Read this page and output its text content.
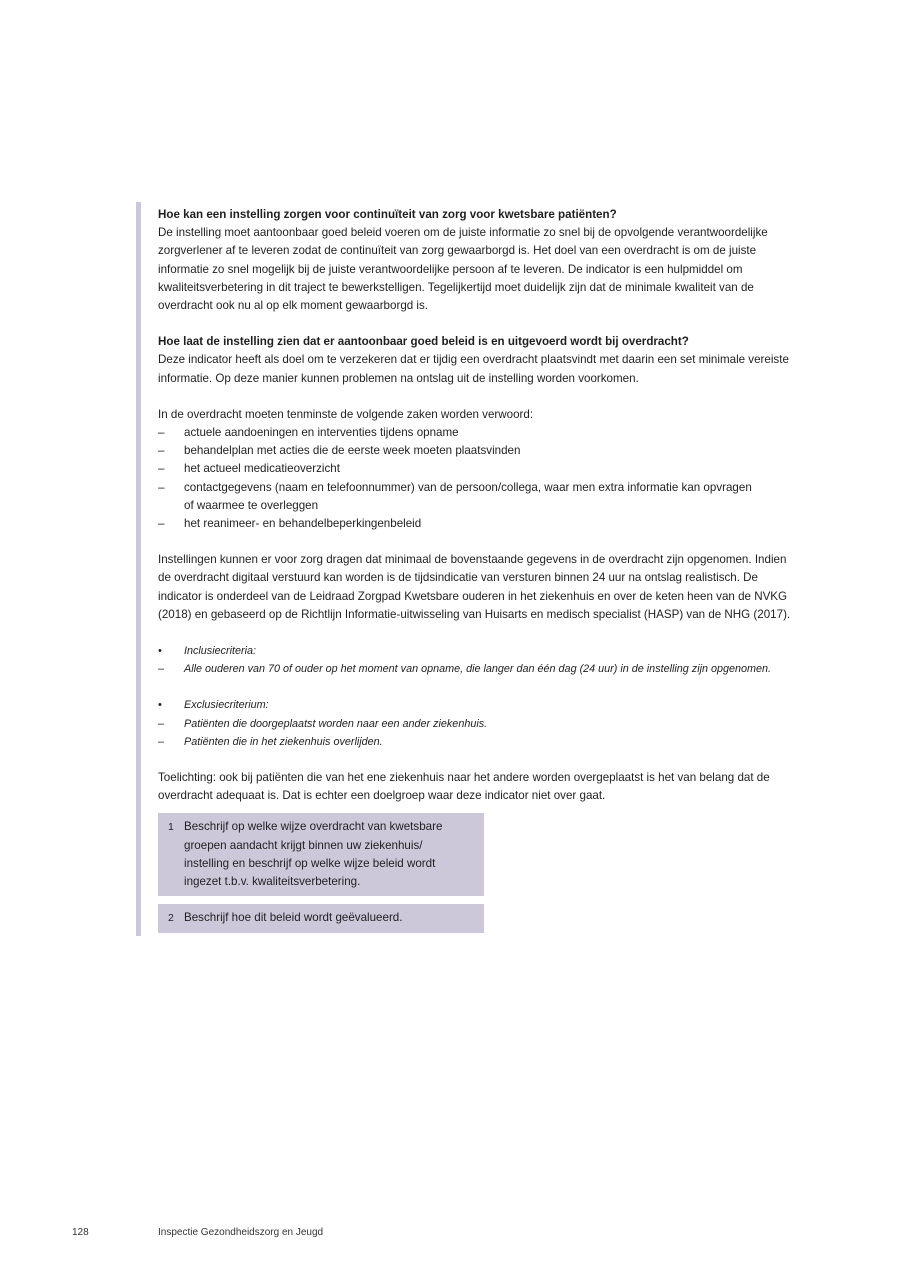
Hoe kan een instelling zorgen voor continuïteit van zorg voor kwetsbare patiënten?

De instelling moet aantoonbaar goed beleid voeren om de juiste informatie zo snel bij de opvolgende verantwoordelijke
zorgverlener af te leveren zodat de continuïteit van zorg gewaarborgd is. Het doel van een overdracht is om de juiste
informatie zo snel mogelijk bij de juiste verantwoordelijke persoon af te leveren. De indicator is een hulpmiddel om
kwaliteitsverbetering in dit traject te bewerkstelligen. Tegelijkertijd moet duidelijk zijn dat de minimale kwaliteit van de
overdracht ook nu al op elk moment gewaarborgd is.

Hoe laat de instelling zien dat er aantoonbaar goed beleid is en uitgevoerd wordt bij overdracht?

Deze indicator heeft als doel om te verzekeren dat er tijdig een overdracht plaatsvindt met daarin een set minimale vereiste
informatie. Op deze manier kunnen problemen na ontslag uit de instelling worden voorkomen.

In de overdracht moeten tenminste de volgende zaken worden verwoord:

– actuele aandoeningen en interventies tijdens opname
– behandelplan met acties die de eerste week moeten plaatsvinden
– het actueel medicatieoverzicht
– contactgegevens (naam en telefoonnummer) van de persoon/collega, waar men extra informatie kan opvragen
of waarmee te overleggen
– het reanimeer- en behandelbeperkingenbeleid

Instellingen kunnen er voor zorg dragen dat minimaal de bovenstaande gegevens in de overdracht zijn opgenomen. Indien
de overdracht digitaal verstuurd kan worden is de tijdsindicatie van versturen binnen 24 uur na ontslag realistisch. De
indicator is onderdeel van de Leidraad Zorgpad Kwetsbare ouderen in het ziekenhuis en over de keten heen van de NVKG
(2018) en gebaseerd op de Richtlijn Informatie-uitwisseling van Huisarts en medisch specialist (HASP) van de NHG (2017).

• Inclusiecriteria:
– Alle ouderen van 70 of ouder op het moment van opname, die langer dan één dag (24 uur) in de instelling zijn opgenomen.
• Exclusiecriterium:
– Patiënten die doorgeplaatst worden naar een ander ziekenhuis.
– Patiënten die in het ziekenhuis overlijden.

Toelichting: ook bij patiënten die van het ene ziekenhuis naar het andere worden overgeplaatst is het van belang dat de
overdracht adequaat is. Dat is echter een doelgroep waar deze indicator niet over gaat.

1 Beschrijf op welke wijze overdracht van kwetsbare
groepen aandacht krijgt binnen uw ziekenhuis/
instelling en beschrijf op welke wijze beleid wordt
ingezet t.b.v. kwaliteitsverbetering.
2 Beschrijf hoe dit beleid wordt geëvalueerd.
128	Inspectie Gezondheidszorg en Jeugd
